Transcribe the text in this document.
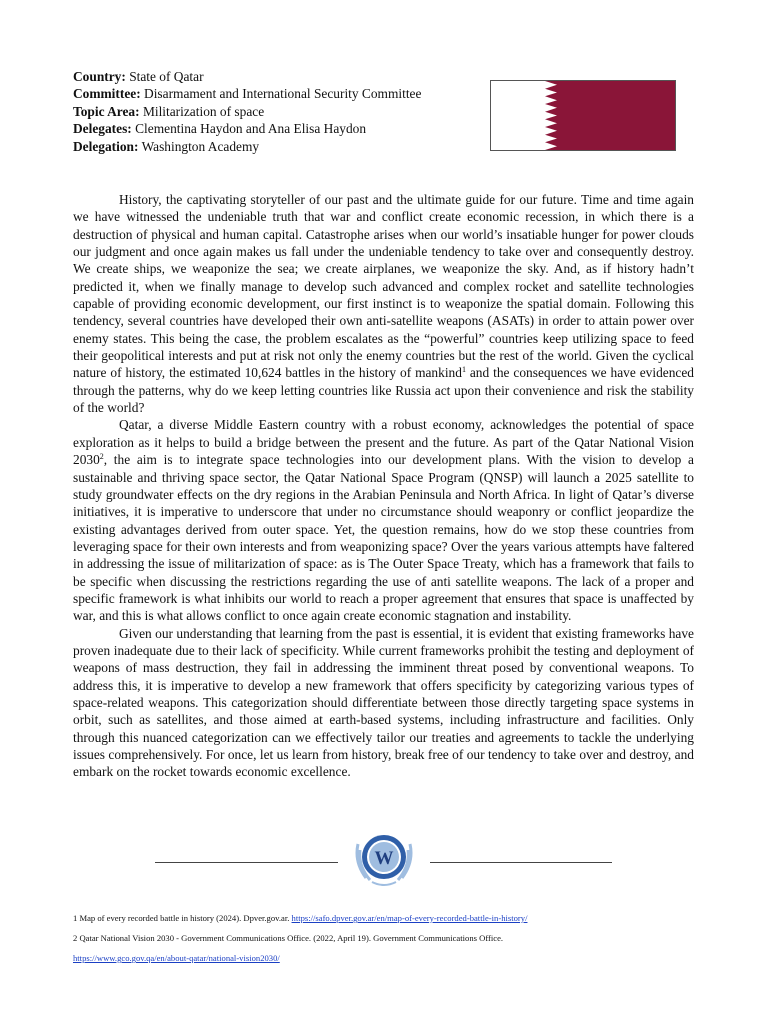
Country: State of Qatar
Committee: Disarmament and International Security Committee
Topic Area: Militarization of space
Delegates: Clementina Haydon and Ana Elisa Haydon
Delegation: Washington Academy

History, the captivating storyteller of our past and the ultimate guide for our future. Time and time again we have witnessed the undeniable truth that war and conflict create economic recession, in which there is a destruction of physical and human capital. Catastrophe arises when our world’s insatiable hunger for power clouds our judgment and once again makes us fall under the undeniable tendency to take over and consequently destroy. We create ships, we weaponize the sea; we create airplanes, we weaponize the sky. And, as if history hadn’t predicted it, when we finally manage to develop such advanced and complex rocket and satellite technologies capable of providing economic development, our first instinct is to weaponize the spatial domain. Following this tendency, several countries have developed their own anti-satellite weapons (ASATs) in order to attain power over enemy states. This being the case, the problem escalates as the “powerful” countries keep utilizing space to feed their geopolitical interests and put at risk not only the enemy countries but the rest of the world. Given the cyclical nature of history, the estimated 10,624 battles in the history of mankind$^1$ and the consequences we have evidenced through the patterns, why do we keep letting countries like Russia act upon their convenience and risk the stability of the world?

Qatar, a diverse Middle Eastern country with a robust economy, acknowledges the potential of space exploration as it helps to build a bridge between the present and the future. As part of the Qatar National Vision 2030$^2$, the aim is to integrate space technologies into our development plans. With the vision to develop a sustainable and thriving space sector, the Qatar National Space Program (QNSP) will launch a 2025 satellite to study groundwater effects on the dry regions in the Arabian Peninsula and North Africa. In light of Qatar’s diverse initiatives, it is imperative to underscore that under no circumstance should weaponry or conflict jeopardize the existing advantages derived from outer space. Yet, the question remains, how do we stop these countries from leveraging space for their own interests and from weaponizing space? Over the years various attempts have faltered in addressing the issue of militarization of space: as is The Outer Space Treaty, which has a framework that fails to be specific when discussing the restrictions regarding the use of anti satellite weapons. The lack of a proper and specific framework is what inhibits our world to reach a proper agreement that ensures that space is unaffected by war, and this is what allows conflict to once again create economic stagnation and instability.

Given our understanding that learning from the past is essential, it is evident that existing frameworks have proven inadequate due to their lack of specificity. While current frameworks prohibit the testing and deployment of weapons of mass destruction, they fail in addressing the imminent threat posed by conventional weapons. To address this, it is imperative to develop a new framework that offers specificity by categorizing various types of space-related weapons. This categorization should differentiate between those directly targeting space systems in orbit, such as satellites, and those aimed at earth-based systems, including infrastructure and facilities. Only through this nuanced categorization can we effectively tailor our treaties and agreements to tackle the underlying issues comprehensively. For once, let us learn from history, break free of our tendency to take over and destroy, and embark on the rocket towards economic excellence.

W
1 Map of every recorded battle in history (2024). Dpver.gov.ar. https://safo.dpver.gov.ar/en/map-of-every-recorded-battle-in-history/
2 Qatar National Vision 2030 - Government Communications Office. (2022, April 19). Government Communications Office.
https://www.gco.gov.qa/en/about-qatar/national-vision2030/
